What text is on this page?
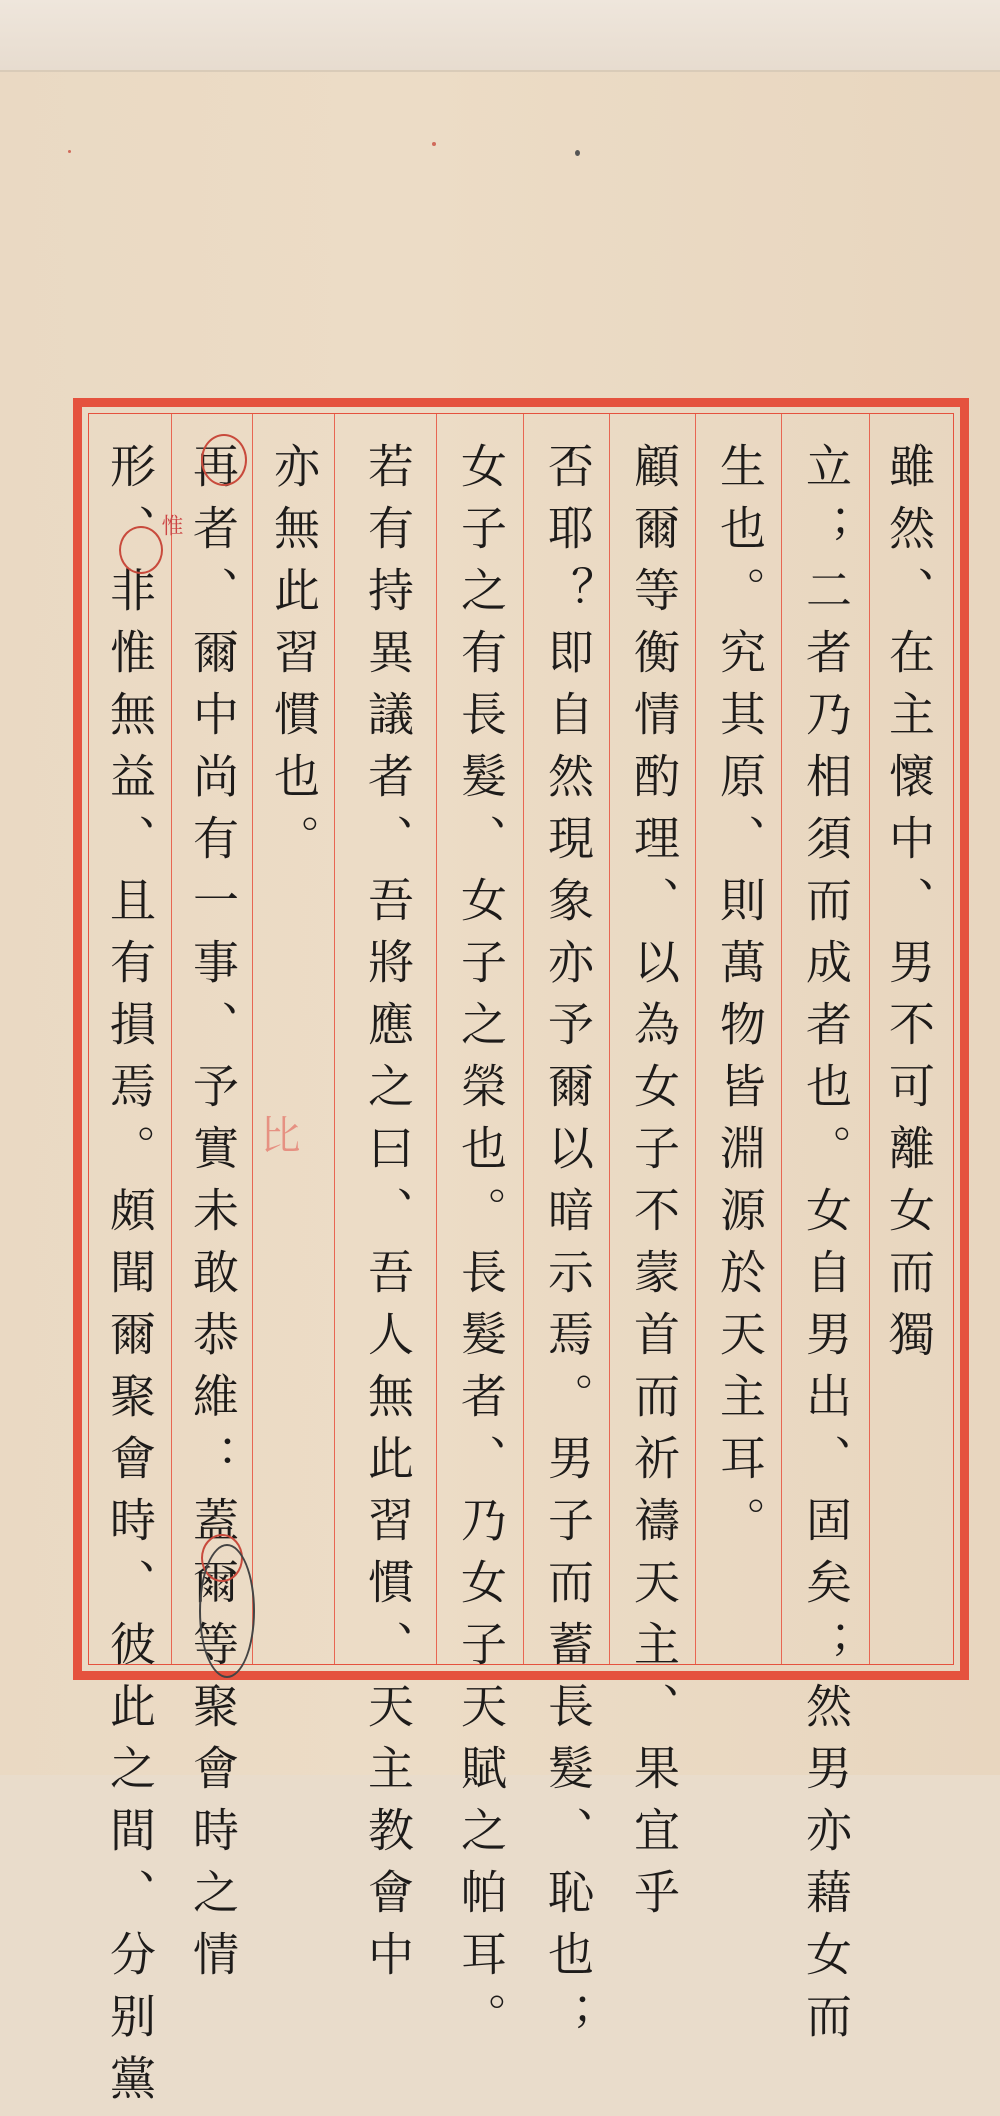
雖然、在主懷中、男不可離女而獨
立；二者乃相須而成者也。女自男出、固矣；然男亦藉女而
生也。究其原、則萬物皆淵源於天主耳。
顧爾等衡情酌理、以為女子不蒙首而祈禱天主、果宜乎
否耶？即自然現象亦予爾以暗示焉。男子而蓄長髮、恥也；
女子之有長髮、女子之榮也。長髮者、乃女子天賦之帕耳。
若有持異議者、吾將應之曰、吾人無此習慣、天主教會中
亦無此習慣也。
再者、爾中尚有一事、予實未敢恭維：蓋爾等聚會時之情
形、非惟無益、且有損焉。頗聞爾聚會時、彼此之間、分别黨 惟
比
